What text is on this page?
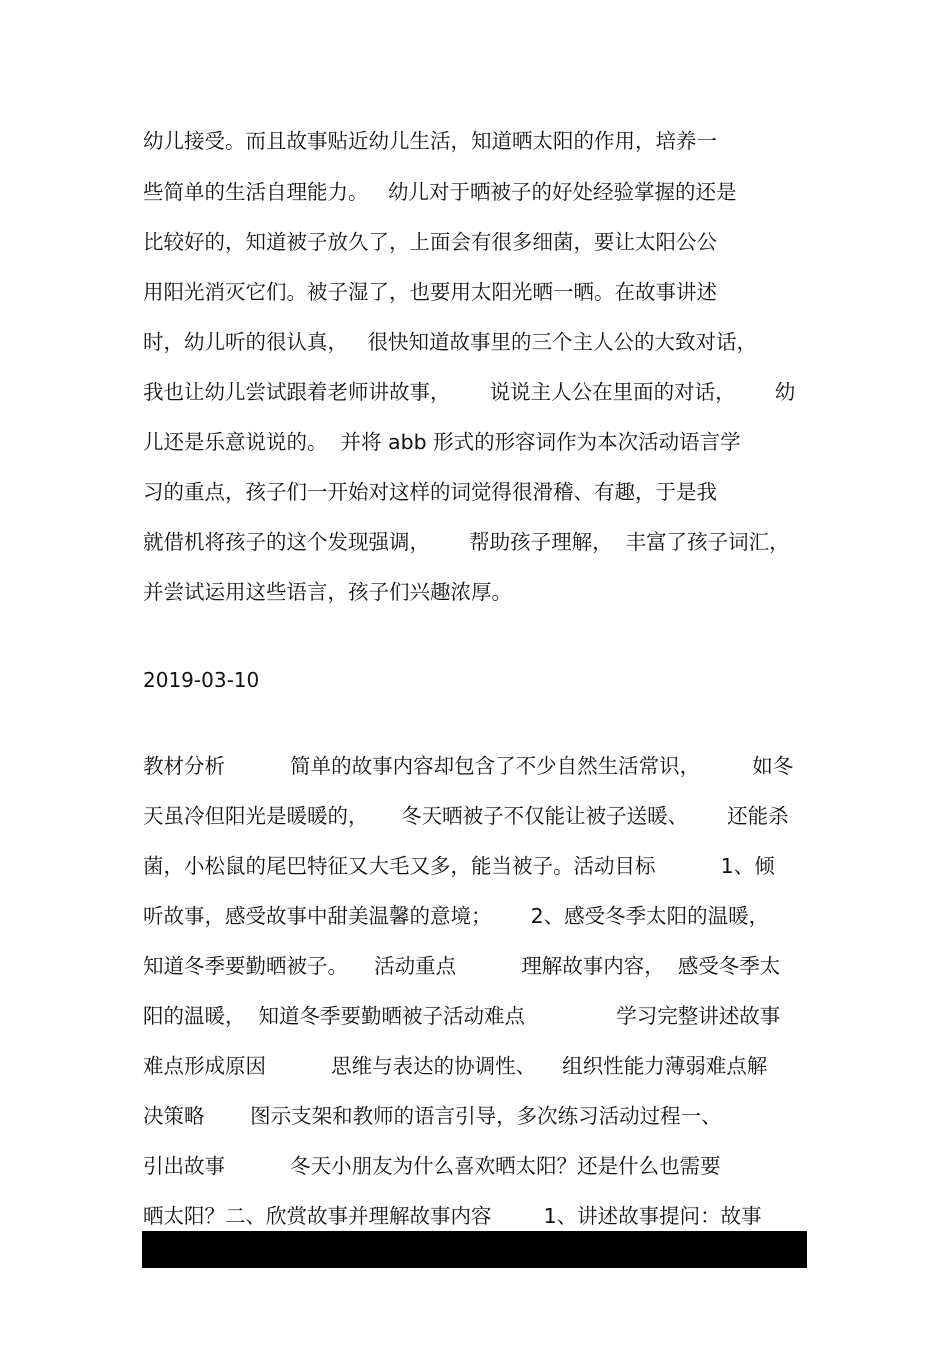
幼儿接受。而且故事贴近幼儿生活，知道晒太阳的作用，培养一

些简单的生活自理能力。   幼儿对于晒被子的好处经验掌握的还是

比较好的，知道被子放久了，上面会有很多细菌，要让太阳公公

用阳光消灭它们。被子湿了，也要用太阳光晒一晒。在故事讲述

时，幼儿听的很认真，   很快知道故事里的三个主人公的大致对话，

我也让幼儿尝试跟着老师讲故事，      说说主人公在里面的对话，      幼

儿还是乐意说说的。  并将 abb 形式的形容词作为本次活动语言学

习的重点，孩子们一开始对这样的词觉得很滑稽、有趣，于是我

就借机将孩子的这个发现强调，      帮助孩子理解，  丰富了孩子词汇，

并尝试运用这些语言，孩子们兴趣浓厚。

2019-03-10

教材分析          简单的故事内容却包含了不少自然生活常识，        如冬

天虽冷但阳光是暖暖的，     冬天晒被子不仅能让被子送暖、      还能杀

菌，小松鼠的尾巴特征又大毛又多，能当被子。活动目标          1、倾

听故事，感受故事中甜美温馨的意境；      2、感受冬季太阳的温暖，

知道冬季要勤晒被子。    活动重点          理解故事内容，  感受冬季太

阳的温暖，  知道冬季要勤晒被子活动难点              学习完整讲述故事

难点形成原因          思维与表达的协调性、    组织性能力薄弱难点解

决策略       图示支架和教师的语言引导，多次练习活动过程一、

引出故事          冬天小朋友为什么喜欢晒太阳？还是什么也需要

晒太阳？二、欣赏故事并理解故事内容        1、讲述故事提问：故事
